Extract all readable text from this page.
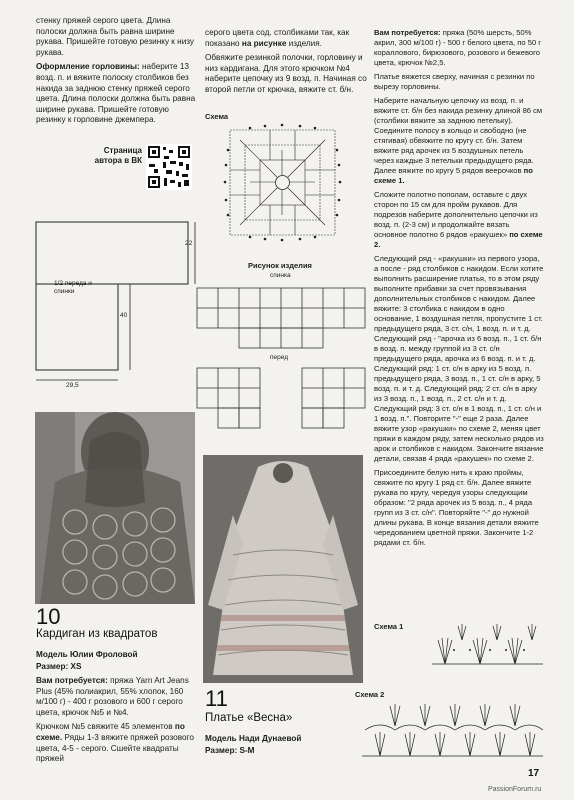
стенку пряжей серого цвета. Длина полоски должна быть равна ширине рукава. Пришейте готовую резинку к низу рукава.

Оформление горловины: наберите 13 возд. п. и вяжите полоску столбиков без накида за заднюю стенку пряжей серого цвета. Длина полоски должна быть равна ширине рукава. Пришейте готовую резинку к горловине джемпера.

Страница автора в ВК
22
40
29,5
1/2 переда и спинки
10
Кардиган из квадратов
Модель Юлии Фроловой
Размер: XS

Вам потребуется: пряжа Yarn Art Jeans Plus (45% полиакрил, 55% хлопок, 160 м/100 г) - 400 г розового и 600 г серого цвета, крючок №5 и №4.

Крючком №5 свяжите 45 элементов по схеме. Ряды 1-3 вяжите пряжей розового цвета, 4-5 - серого. Сшейте квадраты пряжей

серого цвета сод. столбиками так, как показано на рисунке изделия.

Обвяжите резинкой полочки, горловину и низ кардигана. Для этого крючком №4 наберите цепочку из 9 возд. п. Начиная со второй петли от крючка, вяжите ст. б/н.

Схема
Рисунок изделия
спинка
перед
11
Платье «Весна»
Модель Нади Дунаевой
Размер: S-M

Вам потребуется: пряжа (50% шерсть, 50% акрил, 300 м/100 г) - 500 г белого цвета, по 50 г кораллового, бирюзового, розового и бежевого цвета, крючок №2,5.

Платье вяжется сверху, начиная с резинки по вырезу горловины.

Наберите начальную цепочку из возд. п. и вяжите ст. б/н без накида резинку длиной 86 см (столбики вяжите за заднюю петельку). Соедините полосу в кольцо и свободно (не стягивая) обвяжите по кругу ст. б/н. Затем вяжите ряд арочек из 5 воздушных петель через каждые 3 петельки предыдущего ряда. Далее вяжите по кругу 5 рядов веерочков по схеме 1.

Сложите полотно пополам, оставьте с двух сторон по 15 см для пройм рукавов. Для подрезов наберите дополнительно цепочки из возд. п. (2-3 см) и продолжайте вязать основное полотно 6 рядов «ракушек» по схеме 2.

Следующий ряд - «ракушки» из первого узора, а после - ряд столбиков с накидом. Если хотите выполнить расширение платья, то в этом ряду выполните прибавки за счет провязывания дополнительных столбиков с накидом. Далее вяжите: 3 столбика с накидом в одно основание, 1 воздушная петля, пропустите 1 ст. предыдущего ряда, 3 ст. с/н, 1 возд. п. и т. д. Следующий ряд - "арочка из 6 возд. п., 1 ст. б/н в возд. п. между группой из 3 ст. с/н предыдущего ряда, арочка из 6 возд. п. и т. д. Следующий ряд: 1 ст. с/н в арку из 5 возд. п. предыдущего ряда, 3 возд. п., 1 ст. с/н в арку, 5 возд. п. и т. д. Следующий ряд: 2 ст. с/н в арку из 3 возд. п., 1 возд. п., 2 ст. с/н и т. д. Следующий ряд: 3 ст. с/н в 1 возд. п., 1 ст. с/н и 1 возд. п.". Повторите "-" еще 2 раза. Далее вяжите узор «ракушки» по схеме 2, меняя цвет пряжи в каждом ряду, затем несколько рядов из арок и столбиков с накидом. Закончите вязание детали, связав 4 ряда «ракушек» по схеме 2.

Присоедините белую нить к краю проймы, свяжите по кругу 1 ряд ст. б/н. Далее вяжите рукава по кругу, чередуя узоры следующим образом: "2 ряда арочек из 5 возд. п., 4 ряда групп из 3 ст. с/н". Повторяйте "-" до нужной длины рукава. В конце вязания детали вяжите чередованием цветной пряжи. Закончите 1-2 рядами ст. б/н.

Схема 1
Схема 2
17
PassionForum.ru
